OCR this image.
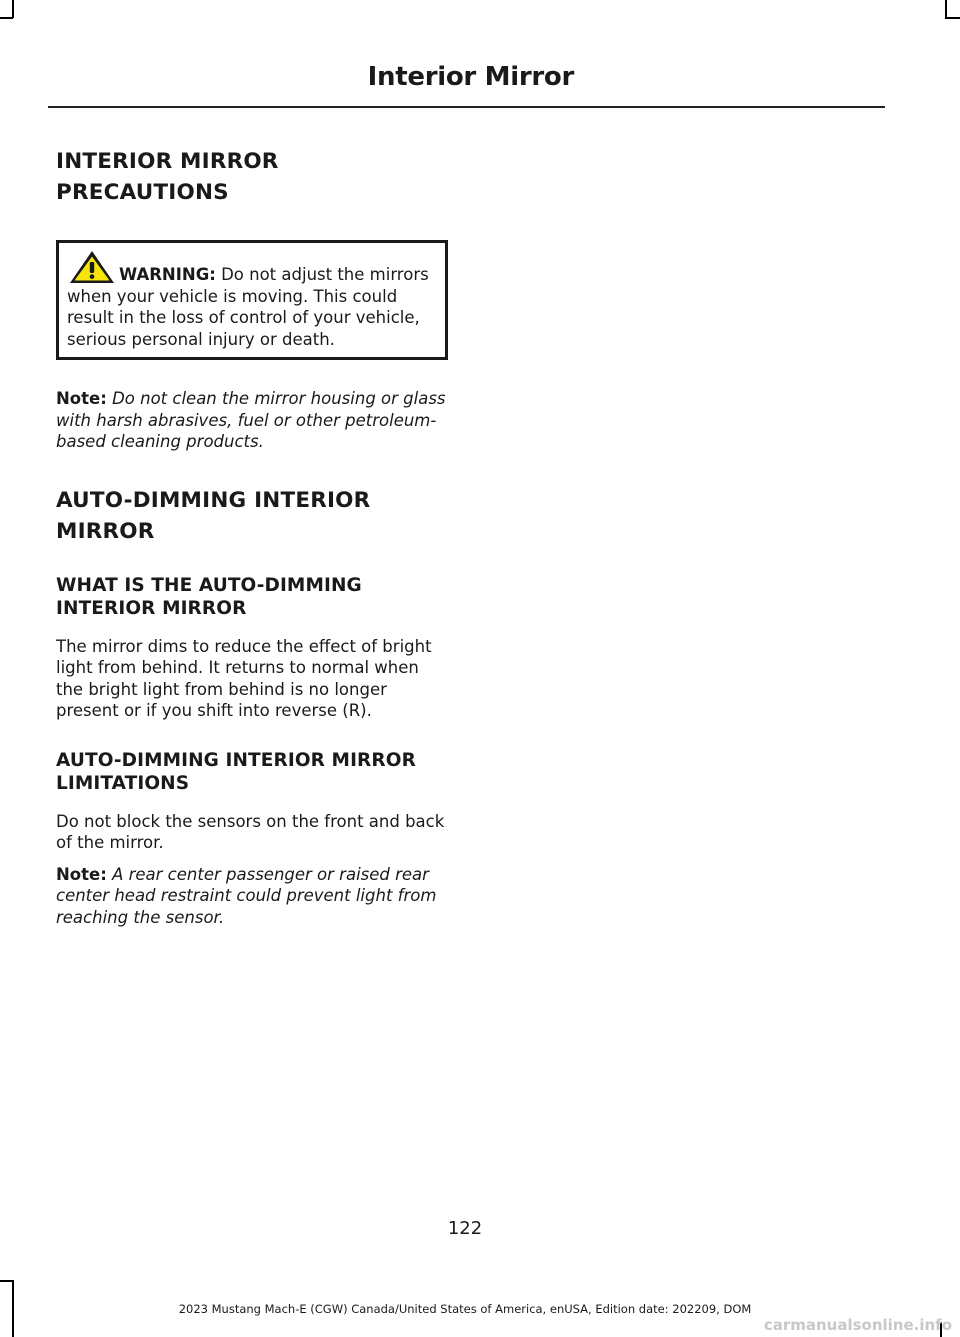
Interior Mirror
INTERIOR MIRROR
PRECAUTIONS
WARNING: Do not adjust the mirrors when your vehicle is moving. This could result in the loss of control of your vehicle, serious personal injury or death.

Note: Do not clean the mirror housing or glass with harsh abrasives, fuel or other petroleum-based cleaning products.

AUTO-DIMMING INTERIOR
MIRROR
WHAT IS THE AUTO-DIMMING INTERIOR MIRROR

The mirror dims to reduce the effect of bright light from behind. It returns to normal when the bright light from behind is no longer present or if you shift into reverse (R).

AUTO-DIMMING INTERIOR MIRROR LIMITATIONS

Do not block the sensors on the front and back of the mirror.

Note: A rear center passenger or raised rear center head restraint could prevent light from reaching the sensor.

122
2023 Mustang Mach-E (CGW) Canada/United States of America, enUSA, Edition date: 202209, DOM
carmanualsonline.info
